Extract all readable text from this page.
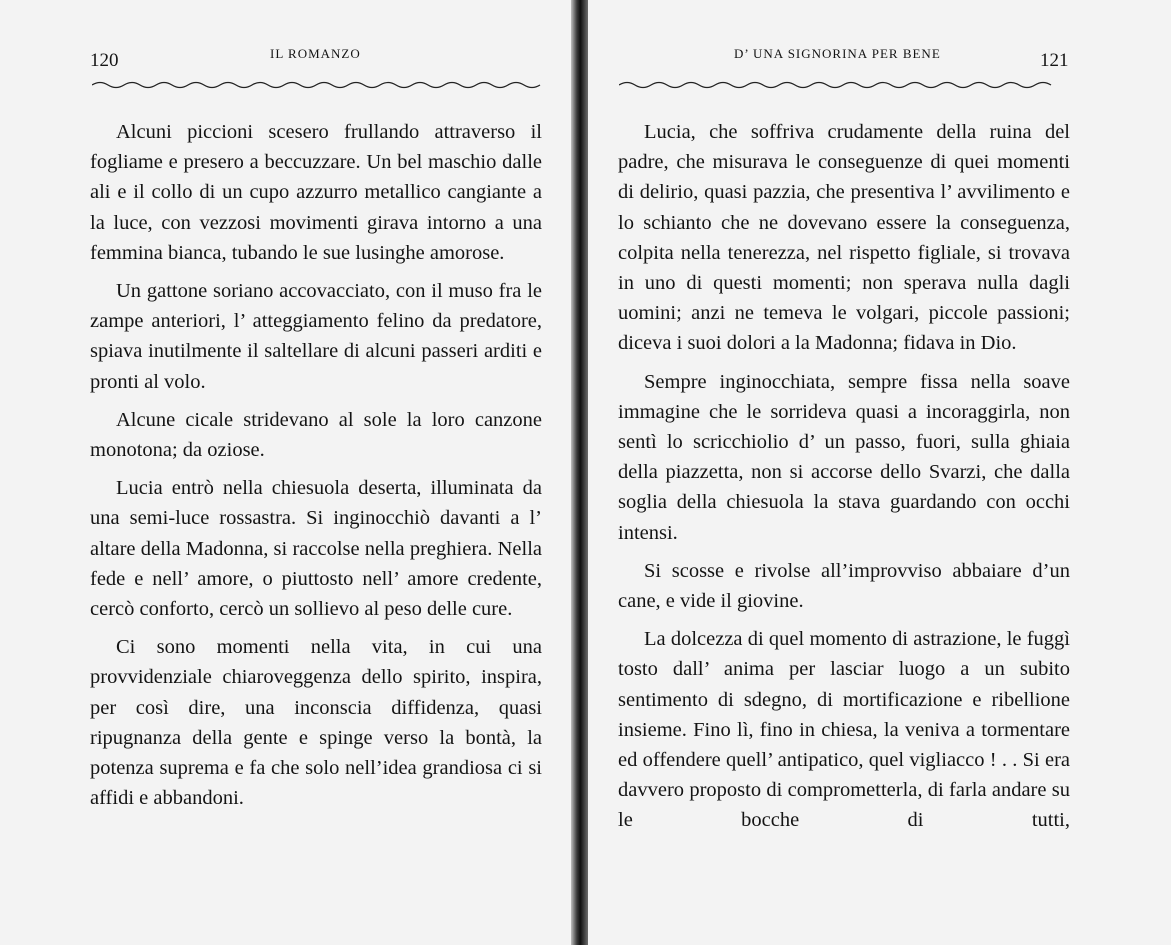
120	IL ROMANZO

Alcuni piccioni scesero frullando attraverso il fogliame e presero a beccuzzare. Un bel maschio dalle ali e il collo di un cupo azzurro metallico cangiante a la luce, con vezzosi movimenti girava intorno a una femmina bianca, tubando le sue lusinghe amorose.

Un gattone soriano accovacciato, con il muso fra le zampe anteriori, l’ atteggiamento felino da predatore, spiava inutilmente il saltellare di alcuni passeri arditi e pronti al volo.

Alcune cicale stridevano al sole la loro canzone monotona; da oziose.

Lucia entrò nella chiesuola deserta, illuminata da una semi-luce rossastra. Si inginocchiò davanti a l’ altare della Madonna, si raccolse nella preghiera. Nella fede e nell’ amore, o piuttosto nell’ amore credente, cercò conforto, cercò un sollievo al peso delle cure.

Ci sono momenti nella vita, in cui una provvidenziale chiaroveggenza dello spirito, inspira, per così dire, una inconscia diffidenza, quasi ripugnanza della gente e spinge verso la bontà, la potenza suprema e fa che solo nell’idea grandiosa ci si affidi e abbandoni.

D’ UNA SIGNORINA PER BENE	121

Lucia, che soffriva crudamente della ruina del padre, che misurava le conseguenze di quei momenti di delirio, quasi pazzia, che presentiva l’ avvilimento e lo schianto che ne dovevano essere la conseguenza, colpita nella tenerezza, nel rispetto figliale, si trovava in uno di questi momenti; non sperava nulla dagli uomini; anzi ne temeva le volgari, piccole passioni; diceva i suoi dolori a la Madonna; fidava in Dio.

Sempre inginocchiata, sempre fissa nella soave immagine che le sorrideva quasi a incoraggirla, non sentì lo scricchiolio d’ un passo, fuori, sulla ghiaia della piazzetta, non si accorse dello Svarzi, che dalla soglia della chiesuola la stava guardando con occhi intensi.

Si scosse e rivolse all’improvviso abbaiare d’un cane, e vide il giovine.

La dolcezza di quel momento di astrazione, le fuggì tosto dall’ anima per lasciar luogo a un subito sentimento di sdegno, di mortificazione e ribellione insieme. Fino lì, fino in chiesa, la veniva a tormentare ed offendere quell’ antipatico, quel vigliacco ! . . Si era davvero proposto di comprometterla, di farla andare su le bocche di tutti,
